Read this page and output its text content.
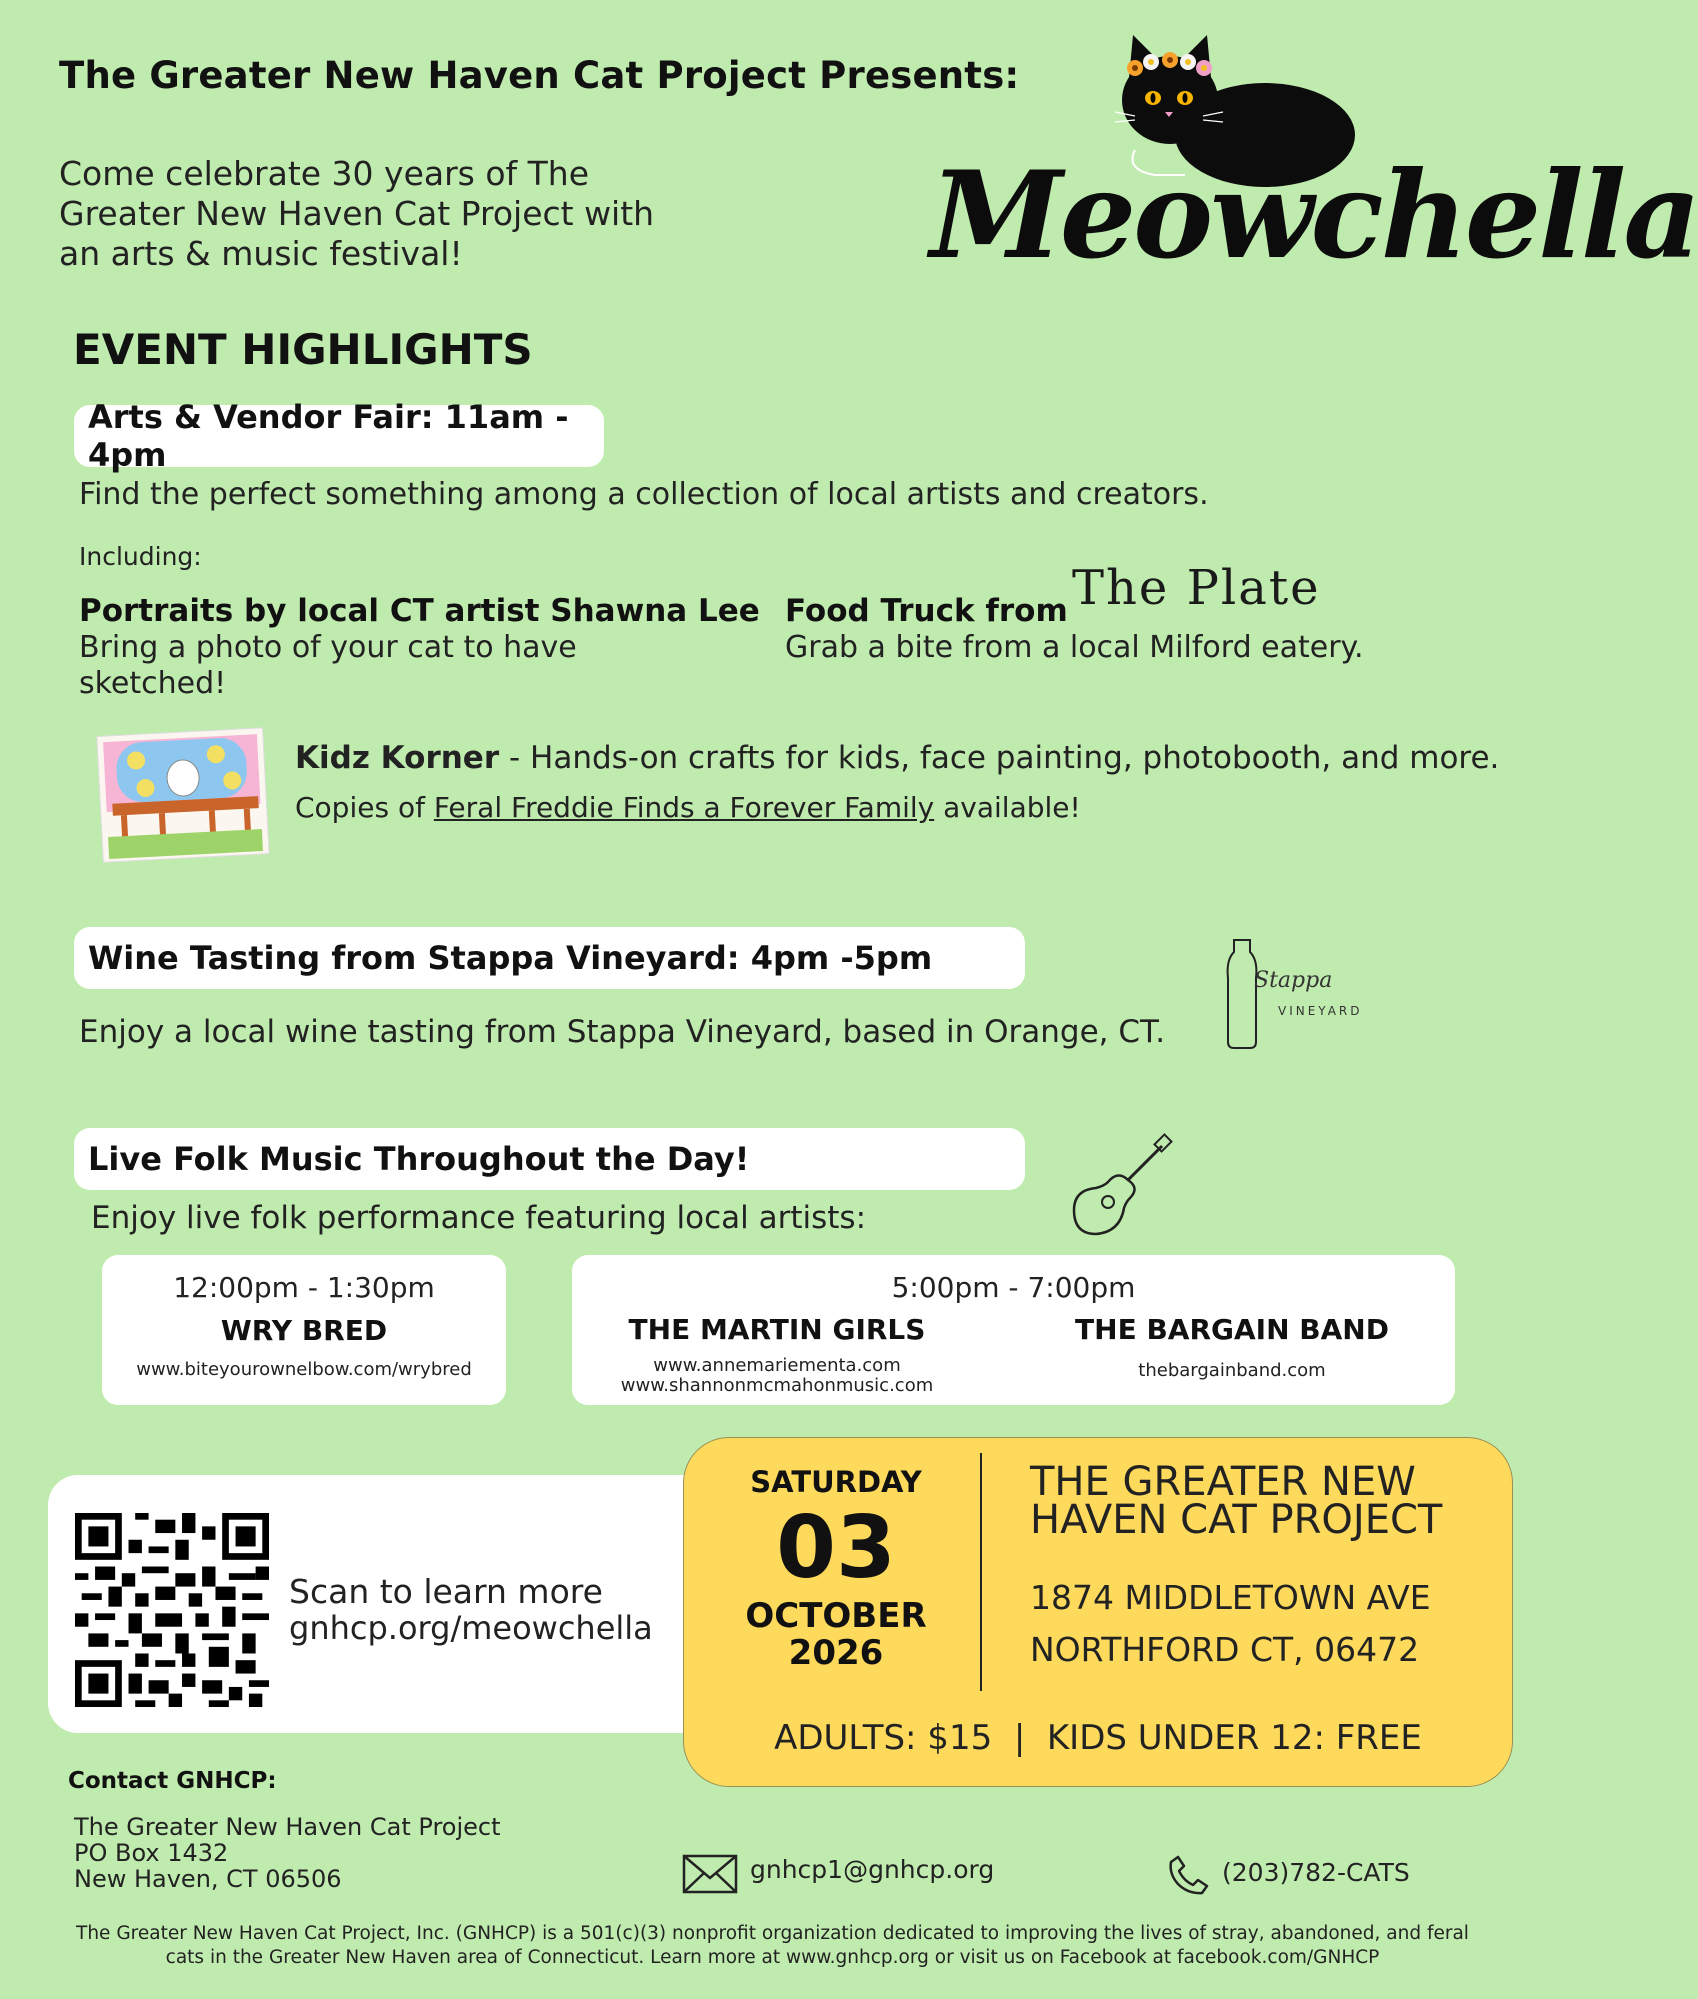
The Greater New Haven Cat Project Presents:
Come celebrate 30 years of The Greater New Haven Cat Project with an arts & music festival!	Meowchella
EVENT HIGHLIGHTS
Arts & Vendor Fair: 11am - 4pm
Find the perfect something among a collection of local artists and creators.
Including:
Portraits by local CT artist Shawna Lee
Bring a photo of your cat to have sketched!
Food Truck from The Plate
Grab a bite from a local Milford eatery.
Kidz Korner - Hands-on crafts for kids, face painting, photobooth, and more.
Copies of Feral Freddie Finds a Forever Family available!
Wine Tasting from Stappa Vineyard: 4pm -5pm
Enjoy a local wine tasting from Stappa Vineyard, based in Orange, CT.
Stappa
VINEYARD
Live Folk Music Throughout the Day!
Enjoy live folk performance featuring local artists:
12:00pm - 1:30pm
WRY BRED
www.biteyourownelbow.com/wrybred
5:00pm - 7:00pm
THE MARTIN GIRLS
www.annemariementa.com
www.shannonmcmahonmusic.com
THE BARGAIN BAND
thebargainband.com
Scan to learn more
gnhcp.org/meowchella
SATURDAY
03
OCTOBER
2026
THE GREATER NEW
HAVEN CAT PROJECT
1874 MIDDLETOWN AVE
NORTHFORD CT, 06472
ADULTS: $15  |  KIDS UNDER 12: FREE
Contact GNHCP:
The Greater New Haven Cat Project
PO Box 1432
New Haven, CT 06506	gnhcp1@gnhcp.org	(203)782-CATS
The Greater New Haven Cat Project, Inc. (GNHCP) is a 501(c)(3) nonprofit organization dedicated to improving the lives of stray, abandoned, and feral
cats in the Greater New Haven area of Connecticut. Learn more at www.gnhcp.org or visit us on Facebook at facebook.com/GNHCP
